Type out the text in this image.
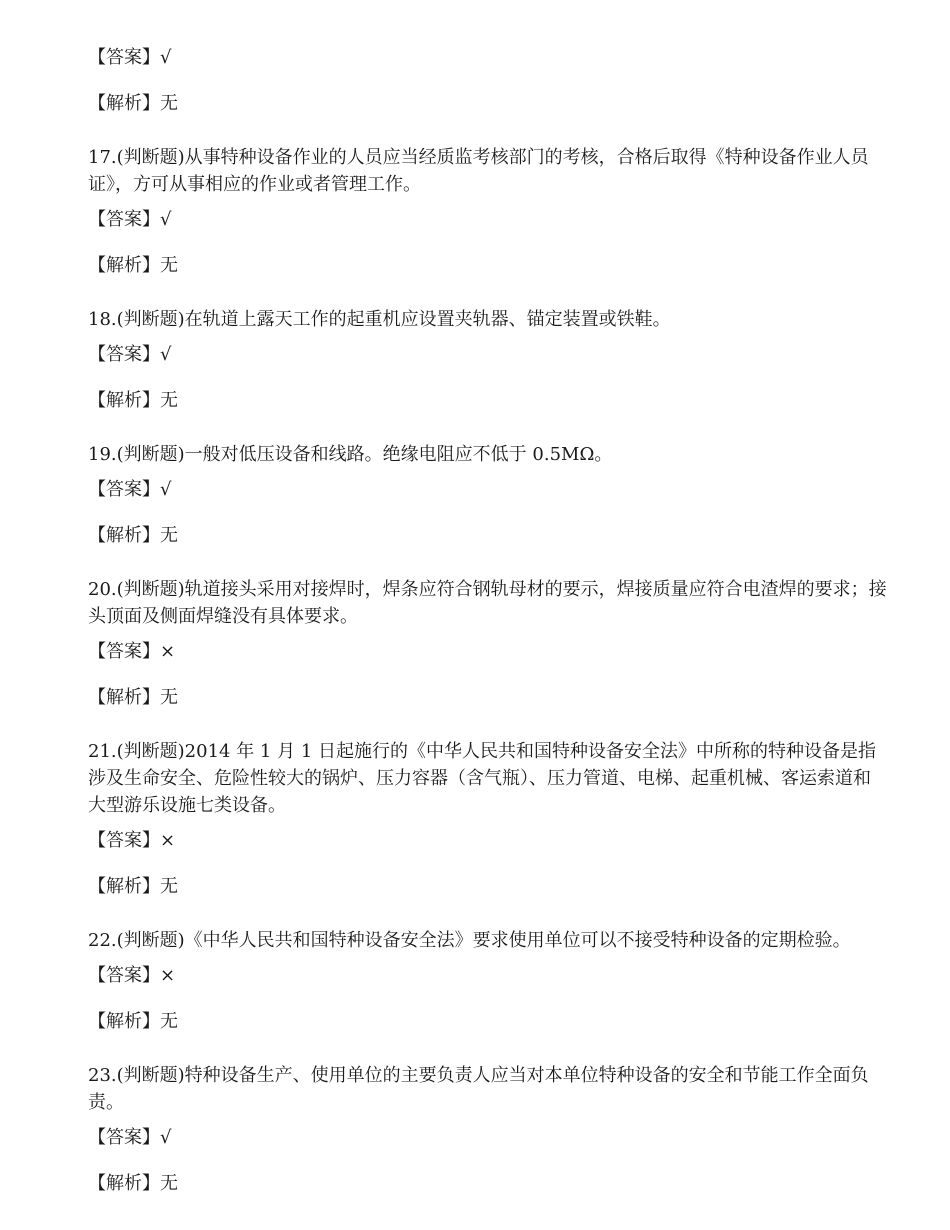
【答案】√

【解析】无

17.(判断题)从事特种设备作业的人员应当经质监考核部门的考核，合格后取得《特种设备作业人员证》，方可从事相应的作业或者管理工作。

【答案】√

【解析】无

18.(判断题)在轨道上露天工作的起重机应设置夹轨器、锚定装置或铁鞋。

【答案】√

【解析】无

19.(判断题)一般对低压设备和线路。绝缘电阻应不低于 0.5MΩ。

【答案】√

【解析】无

20.(判断题)轨道接头采用对接焊时，焊条应符合钢轨母材的要示，焊接质量应符合电渣焊的要求；接头顶面及侧面焊缝没有具体要求。

【答案】×

【解析】无

21.(判断题)2014 年 1 月 1 日起施行的《中华人民共和国特种设备安全法》中所称的特种设备是指涉及生命安全、危险性较大的锅炉、压力容器（含气瓶）、压力管道、电梯、起重机械、客运索道和大型游乐设施七类设备。

【答案】×

【解析】无

22.(判断题)《中华人民共和国特种设备安全法》要求使用单位可以不接受特种设备的定期检验。

【答案】×

【解析】无

23.(判断题)特种设备生产、使用单位的主要负责人应当对本单位特种设备的安全和节能工作全面负责。

【答案】√

【解析】无
